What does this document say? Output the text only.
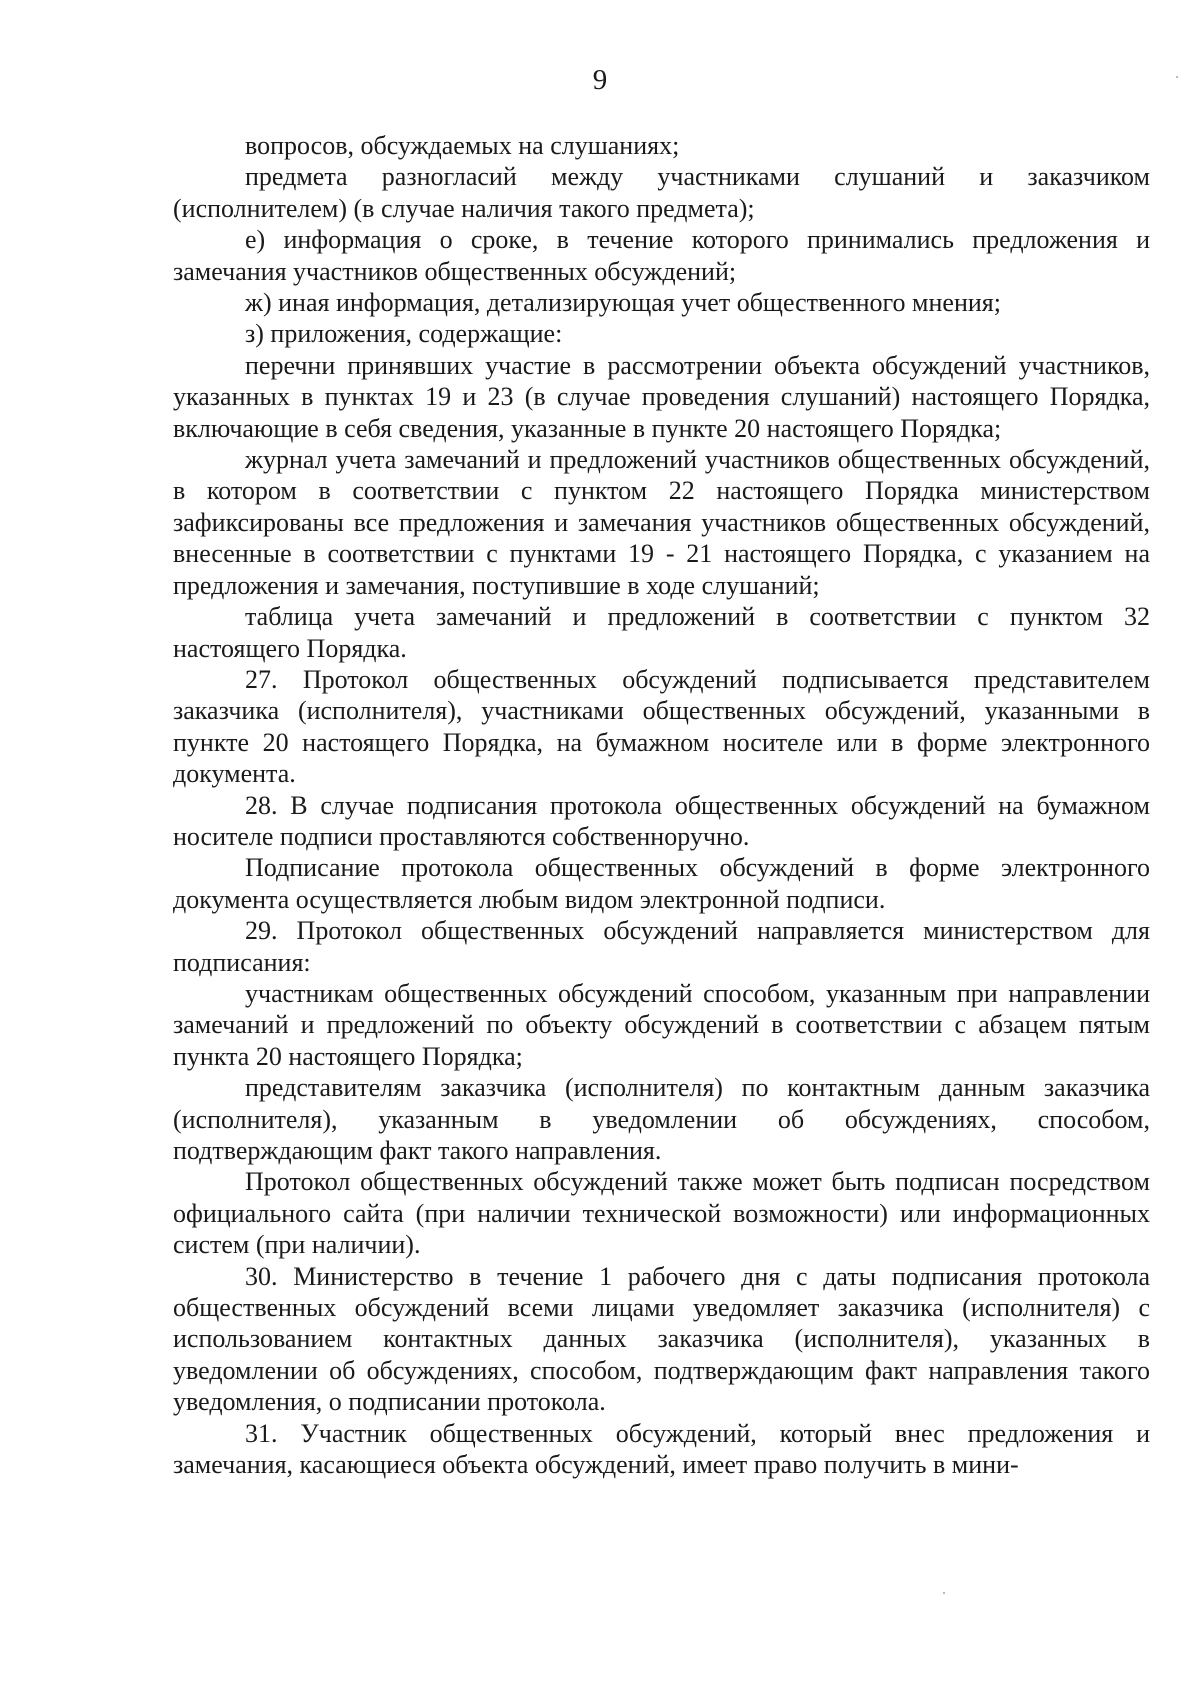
9

вопросов, обсуждаемых на слушаниях;

предмета разногласий между участниками слушаний и заказчиком (исполнителем) (в случае наличия такого предмета);

е) информация о сроке, в течение которого принимались предложения и замечания участников общественных обсуждений;

ж) иная информация, детализирующая учет общественного мнения;

з) приложения, содержащие:

перечни принявших участие в рассмотрении объекта обсуждений участников, указанных в пунктах 19 и 23 (в случае проведения слушаний) настоящего Порядка, включающие в себя сведения, указанные в пункте 20 настоящего Порядка;

журнал учета замечаний и предложений участников общественных обсуждений, в котором в соответствии с пунктом 22 настоящего Порядка министерством зафиксированы все предложения и замечания участников общественных обсуждений, внесенные в соответствии с пунктами 19 - 21 настоящего Порядка, с указанием на предложения и замечания, поступившие в ходе слушаний;

таблица учета замечаний и предложений в соответствии с пунктом 32 настоящего Порядка.

27. Протокол общественных обсуждений подписывается представителем заказчика (исполнителя), участниками общественных обсуждений, указанными в пункте 20 настоящего Порядка, на бумажном носителе или в форме электронного документа.

28. В случае подписания протокола общественных обсуждений на бумажном носителе подписи проставляются собственноручно.

Подписание протокола общественных обсуждений в форме электронного документа осуществляется любым видом электронной подписи.

29. Протокол общественных обсуждений направляется министерством для подписания:

участникам общественных обсуждений способом, указанным при направлении замечаний и предложений по объекту обсуждений в соответствии с абзацем пятым пункта 20 настоящего Порядка;

представителям заказчика (исполнителя) по контактным данным заказчика (исполнителя), указанным в уведомлении об обсуждениях, способом, подтверждающим факт такого направления.

Протокол общественных обсуждений также может быть подписан посредством официального сайта (при наличии технической возможности) или информационных систем (при наличии).

30. Министерство в течение 1 рабочего дня с даты подписания протокола общественных обсуждений всеми лицами уведомляет заказчика (исполнителя) с использованием контактных данных заказчика (исполнителя), указанных в уведомлении об обсуждениях, способом, подтверждающим факт направления такого уведомления, о подписании протокола.

31. Участник общественных обсуждений, который внес предложения и замечания, касающиеся объекта обсуждений, имеет право получить в мини-
